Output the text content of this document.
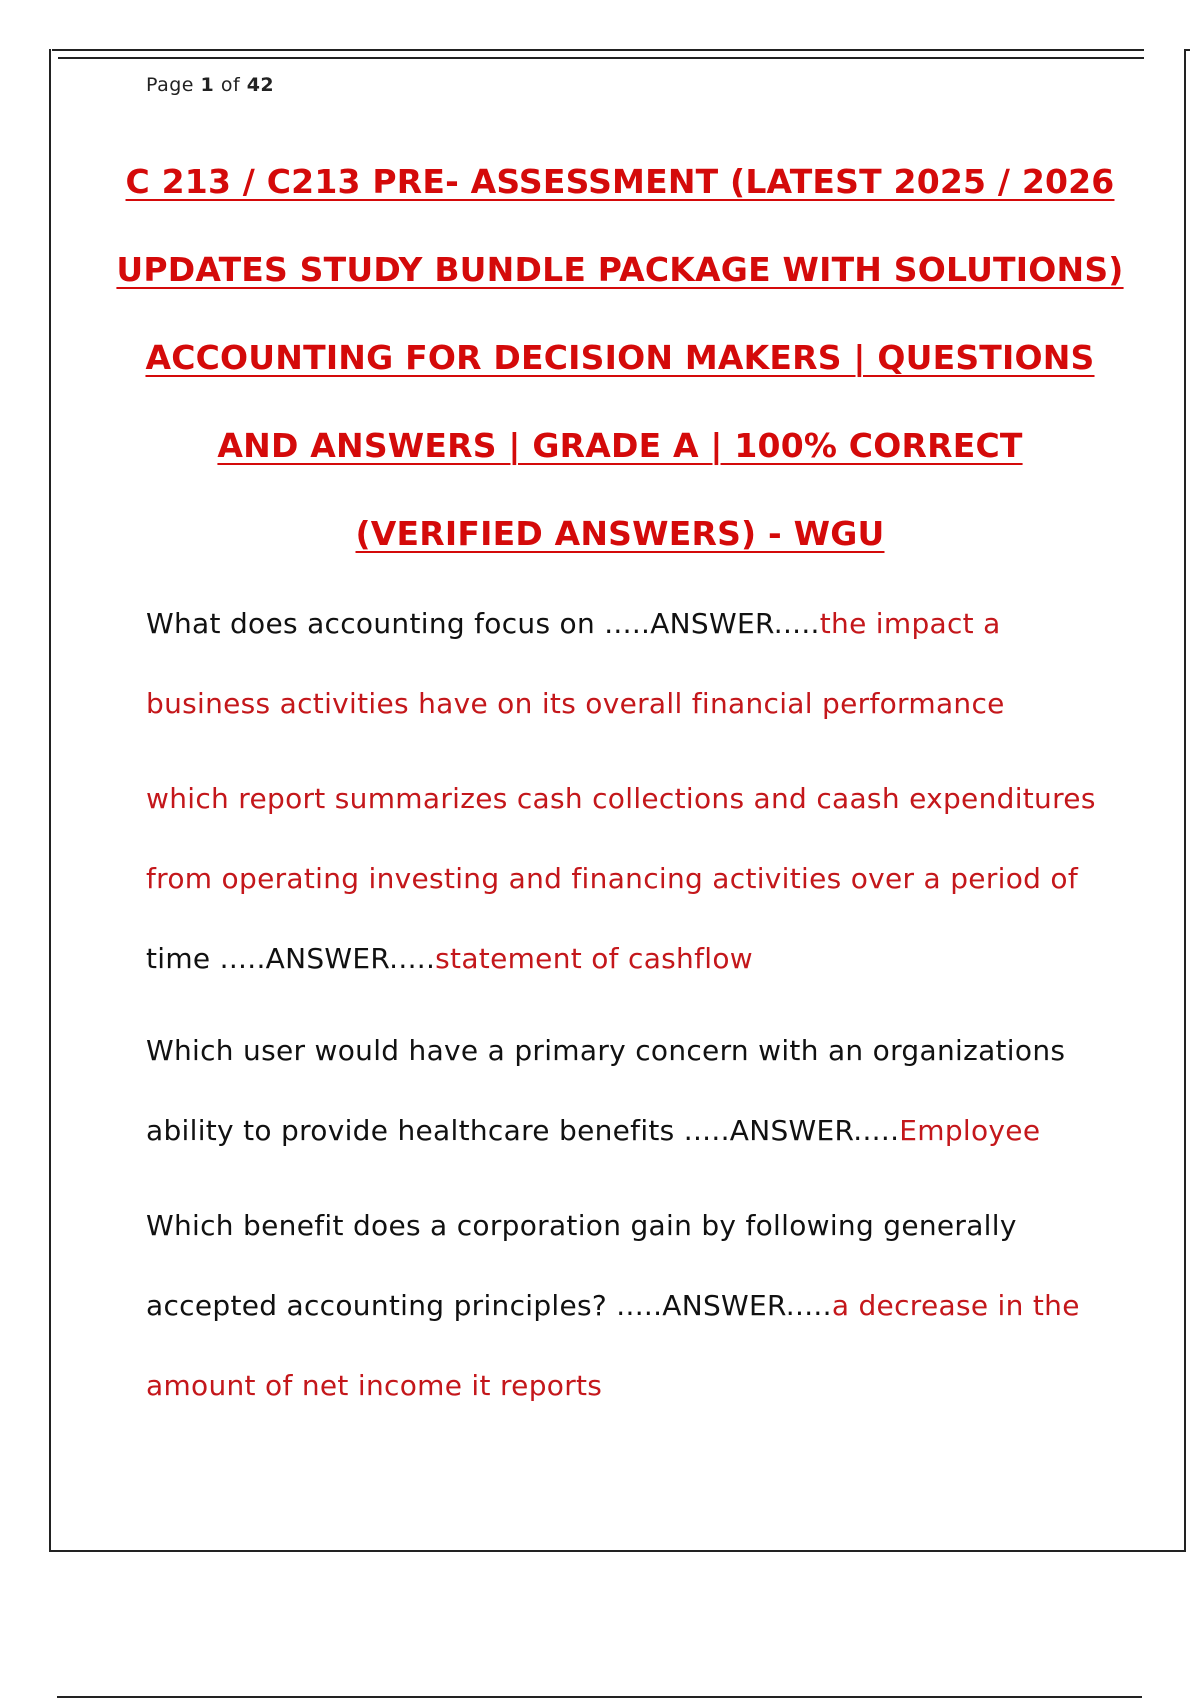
Page 1 of 42
C 213 / C213 PRE- ASSESSMENT (LATEST 2025 / 2026
UPDATES STUDY BUNDLE PACKAGE WITH SOLUTIONS)
ACCOUNTING FOR DECISION MAKERS | QUESTIONS
AND ANSWERS | GRADE A | 100% CORRECT
(VERIFIED ANSWERS) - WGU
What does accounting focus on .....ANSWER.....the impact a
business activities have on its overall financial performance
which report summarizes cash collections and caash expenditures
from operating investing and financing activities over a period of
time .....ANSWER.....statement of cashflow
Which user would have a primary concern with an organizations
ability to provide healthcare benefits .....ANSWER.....Employee
Which benefit does a corporation gain by following generally
accepted accounting principles? .....ANSWER.....a decrease in the
amount of net income it reports
